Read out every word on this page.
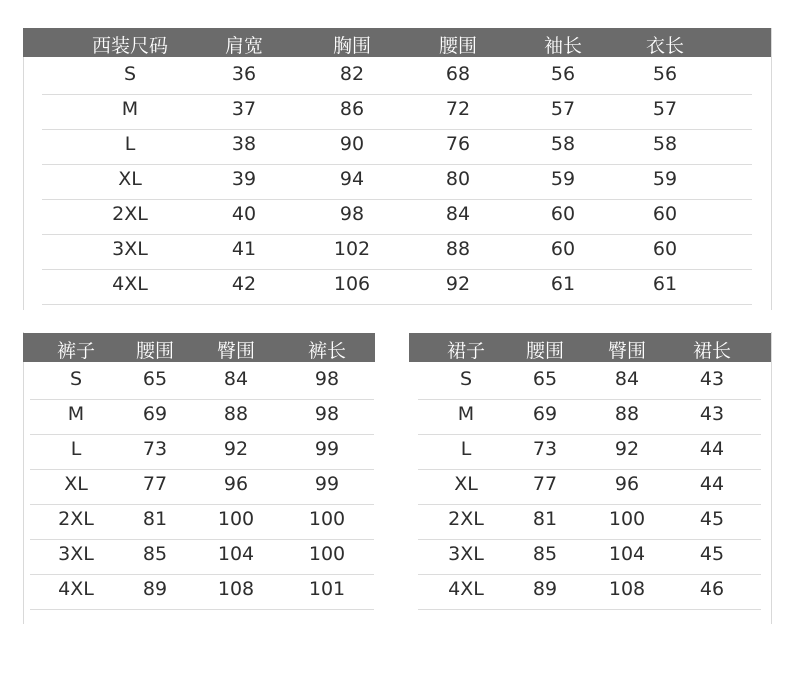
西装尺码	肩宽	胸围	腰围	袖长	衣长
S	36	82	68	56	56
M	37	86	72	57	57
L	38	90	76	58	58
XL	39	94	80	59	59
2XL	40	98	84	60	60
3XL	41	102	88	60	60
4XL	42	106	92	61	61
裤子 腰围 臀围	裤长
S	65	84	98
M	69	88	98
L	73	92	99
XL	77	96	99
2XL	81	100	100
3XL	85	104	100
4XL	89	108	101
裙子 腰围 臀围 裙长
S	65	84	43
M	69	88	43
L	73	92	44
XL	77	96	44
2XL	81	100	45
3XL	85	104	45
4XL	89	108	46
